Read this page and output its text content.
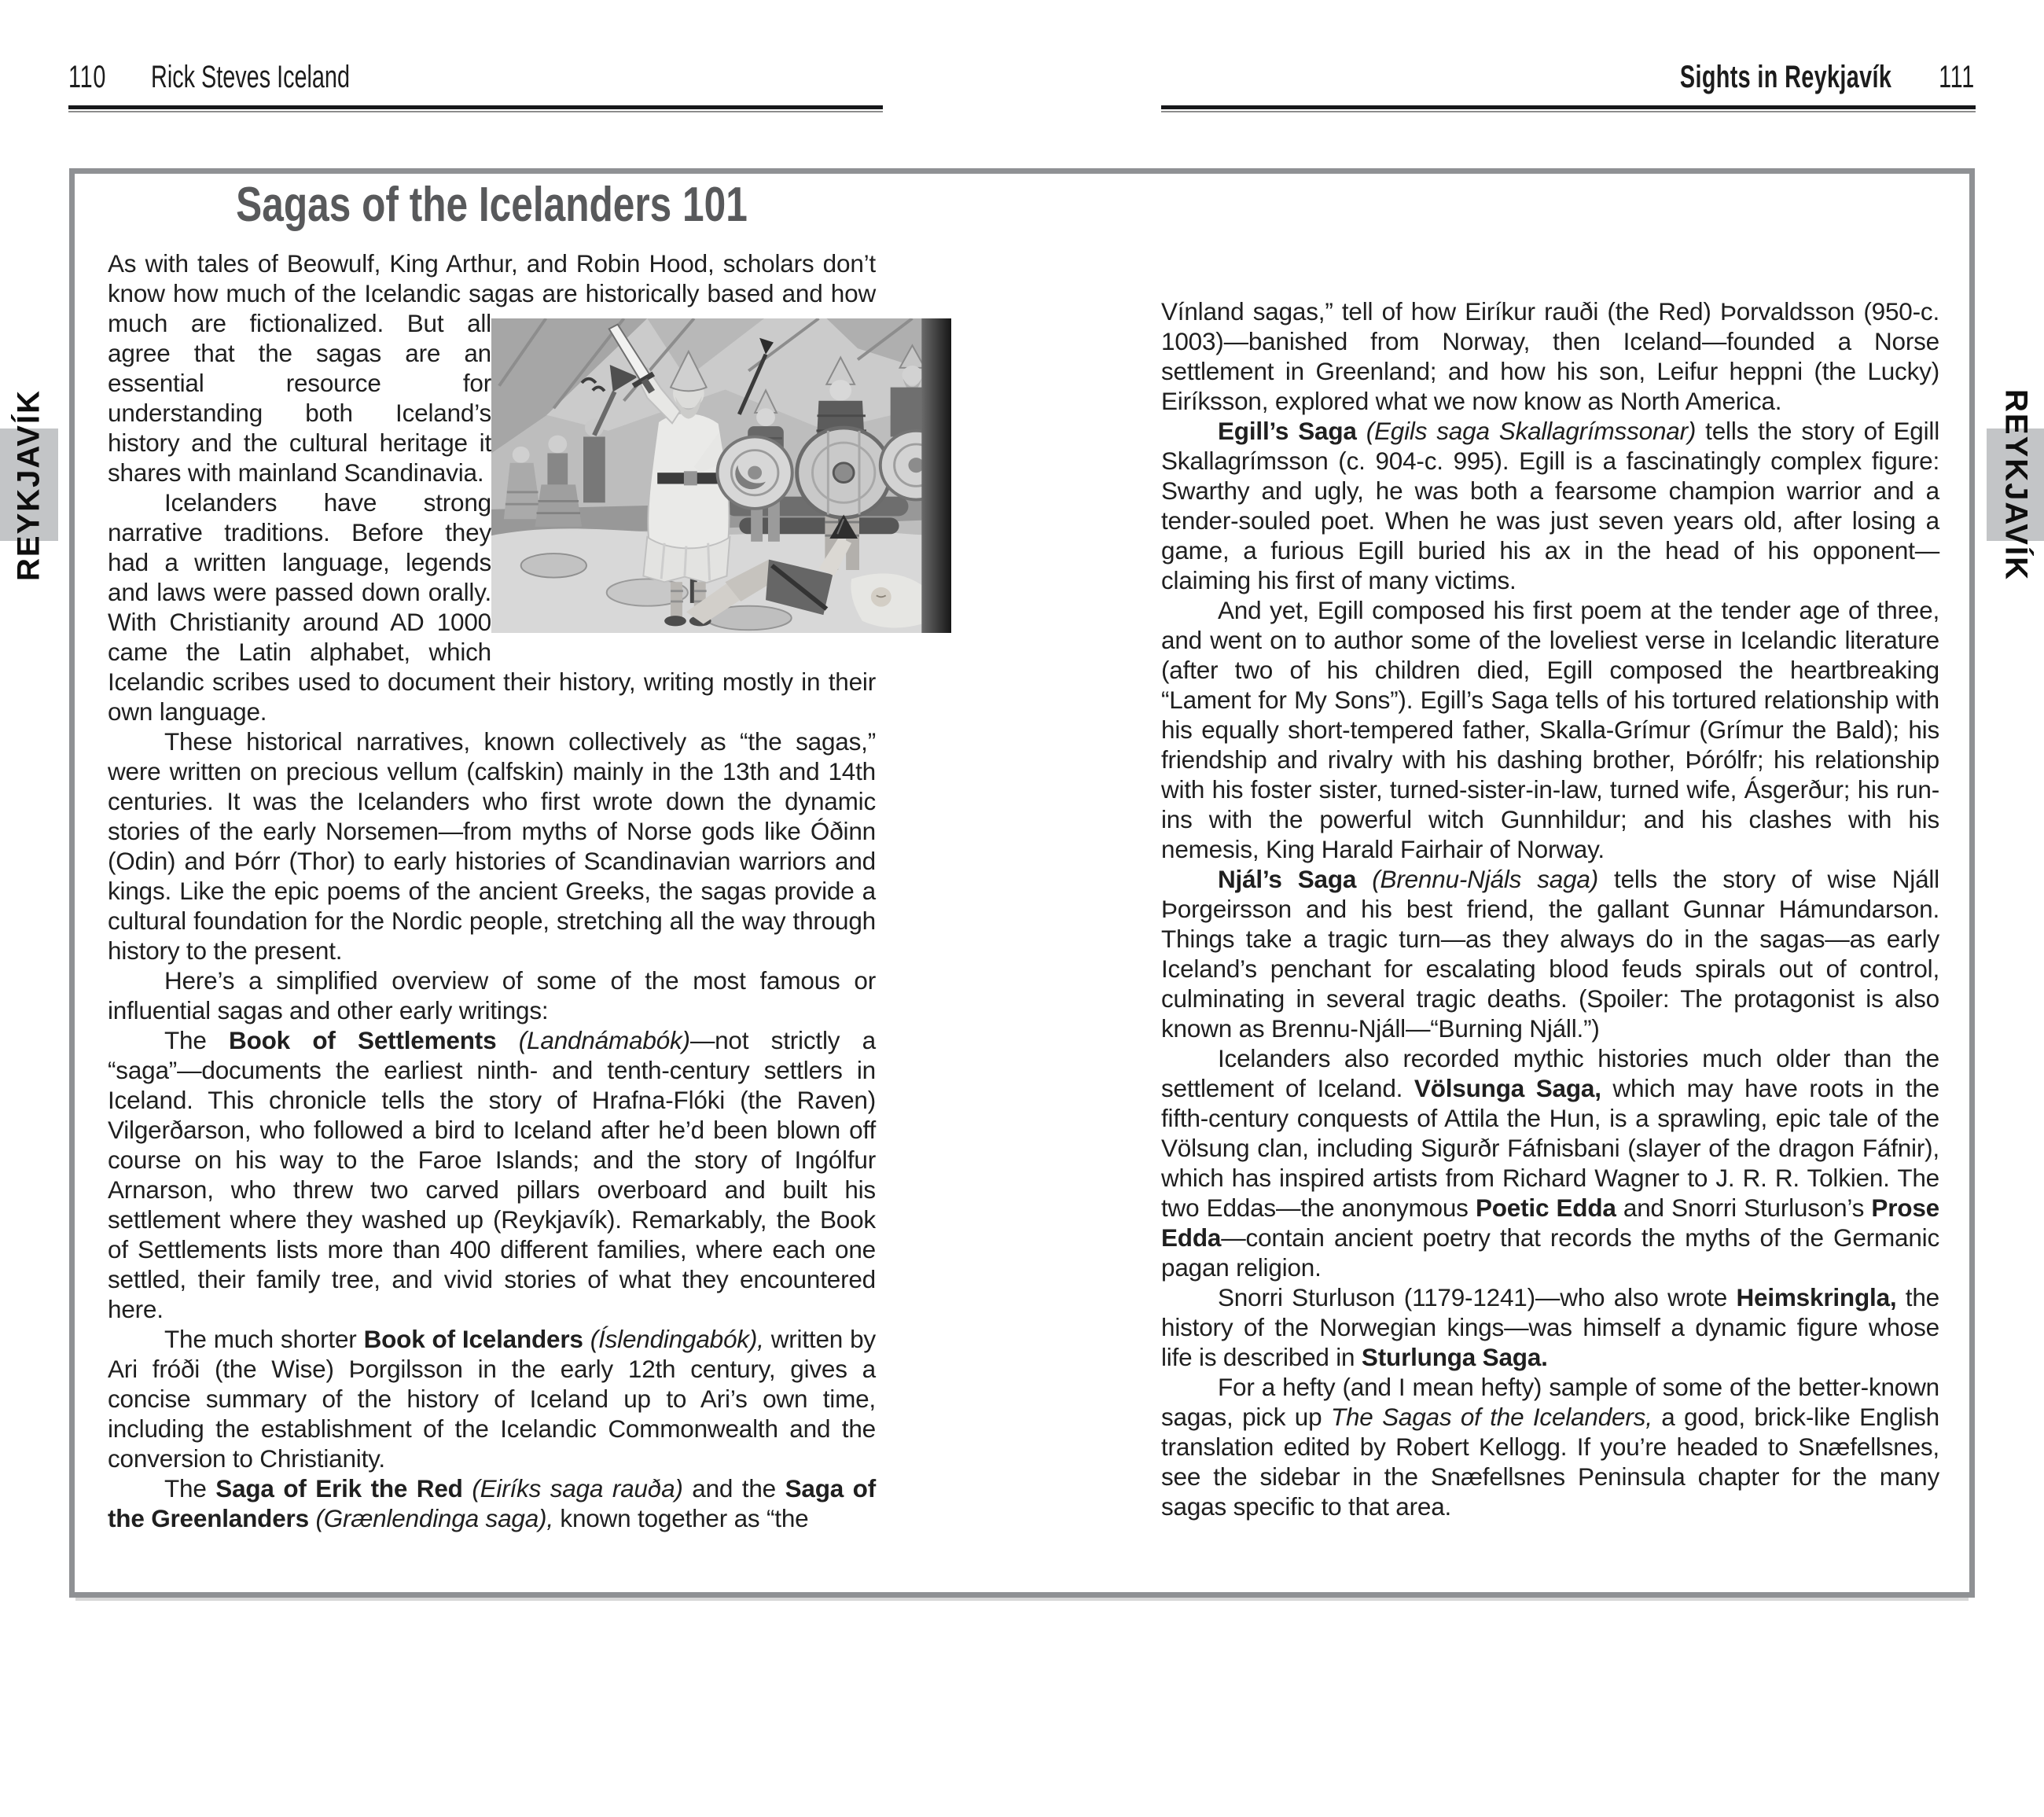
110 Rick Steves Iceland	Sights in Reykjavík 111
REYKJAVÍK	REYKJAVÍK
Sagas of the Icelanders 101

As with tales of Beowulf, King Arthur, and Robin Hood, scholars don’t know how much of the Icelandic sagas are historically based and how much are fictionalized. But all agree that the sagas are an essential resource for understanding both Iceland’s history and the cultural heritage it shares with mainland Scandinavia.

Icelanders have strong narrative traditions. Before they had a written language, legends and laws were passed down orally. With Christianity around AD 1000 came the Latin alphabet, which Icelandic scribes used to document their history, writing mostly in their own language.

These historical narratives, known collectively as “the sagas,” were written on precious vellum (calfskin) mainly in the 13th and 14th centuries. It was the Icelanders who first wrote down the dynamic stories of the early Norsemen—from myths of Norse gods like Óðinn (Odin) and Þórr (Thor) to early histories of Scandinavian warriors and kings. Like the epic poems of the ancient Greeks, the sagas provide a cultural foundation for the Nordic people, stretching all the way through history to the present.

Here’s a simplified overview of some of the most famous or influential sagas and other early writings:

The Book of Settlements (Landnámabók)—not strictly a “saga”—documents the earliest ninth- and tenth-century settlers in Iceland. This chronicle tells the story of Hrafna-Flóki (the Raven) Vilgerðarson, who followed a bird to Iceland after he’d been blown off course on his way to the Faroe Islands; and the story of Ingólfur Arnarson, who threw two carved pillars overboard and built his settlement where they washed up (Reykjavík). Remarkably, the Book of Settlements lists more than 400 different families, where each one settled, their family tree, and vivid stories of what they encountered here.

The much shorter Book of Icelanders (Íslendingabók), written by Ari fróði (the Wise) Þorgilsson in the early 12th century, gives a concise summary of the history of Iceland up to Ari’s own time, including the establishment of the Icelandic Commonwealth and the conversion to Christianity.

The Saga of Erik the Red (Eiríks saga rauða) and the Saga of the Greenlanders (Grænlendinga saga), known together as “the

Vínland sagas,” tell of how Eiríkur rauði (the Red) Þorvaldsson (950-c. 1003)—banished from Norway, then Iceland—founded a Norse settlement in Greenland; and how his son, Leifur heppni (the Lucky) Eiríksson, explored what we now know as North America.

Egill’s Saga (Egils saga Skallagrímssonar) tells the story of Egill Skallagrímsson (c. 904-c. 995). Egill is a fascinatingly complex figure: Swarthy and ugly, he was both a fearsome champion warrior and a tender-souled poet. When he was just seven years old, after losing a game, a furious Egill buried his ax in the head of his opponent—claiming his first of many victims.

And yet, Egill composed his first poem at the tender age of three, and went on to author some of the loveliest verse in Icelandic literature (after two of his children died, Egill composed the heartbreaking “Lament for My Sons”). Egill’s Saga tells of his tortured relationship with his equally short-tempered father, Skalla-Grímur (Grímur the Bald); his friendship and rivalry with his dashing brother, Þórólfr; his relationship with his foster sister, turned-sister-in-law, turned wife, Ásgerður; his run-ins with the powerful witch Gunnhildur; and his clashes with his nemesis, King Harald Fairhair of Norway.

Njál’s Saga (Brennu-Njáls saga) tells the story of wise Njáll Þorgeirsson and his best friend, the gallant Gunnar Hámundarson. Things take a tragic turn—as they always do in the sagas—as early Iceland’s penchant for escalating blood feuds spirals out of control, culminating in several tragic deaths. (Spoiler: The protagonist is also known as Brennu-Njáll—“Burning Njáll.”)

Icelanders also recorded mythic histories much older than the settlement of Iceland. Völsunga Saga, which may have roots in the fifth-century conquests of Attila the Hun, is a sprawling, epic tale of the Völsung clan, including Sigurðr Fáfnisbani (slayer of the dragon Fáfnir), which has inspired artists from Richard Wagner to J. R. R. Tolkien. The two Eddas—the anonymous Poetic Edda and Snorri Sturluson’s Prose Edda—contain ancient poetry that records the myths of the Germanic pagan religion.

Snorri Sturluson (1179-1241)—who also wrote Heimskringla, the history of the Norwegian kings—was himself a dynamic figure whose life is described in Sturlunga Saga.

For a hefty (and I mean hefty) sample of some of the better-known sagas, pick up The Sagas of the Icelanders, a good, brick-like English translation edited by Robert Kellogg. If you’re headed to Snæfellsnes, see the sidebar in the Snæfellsnes Peninsula chapter for the many sagas specific to that area.
